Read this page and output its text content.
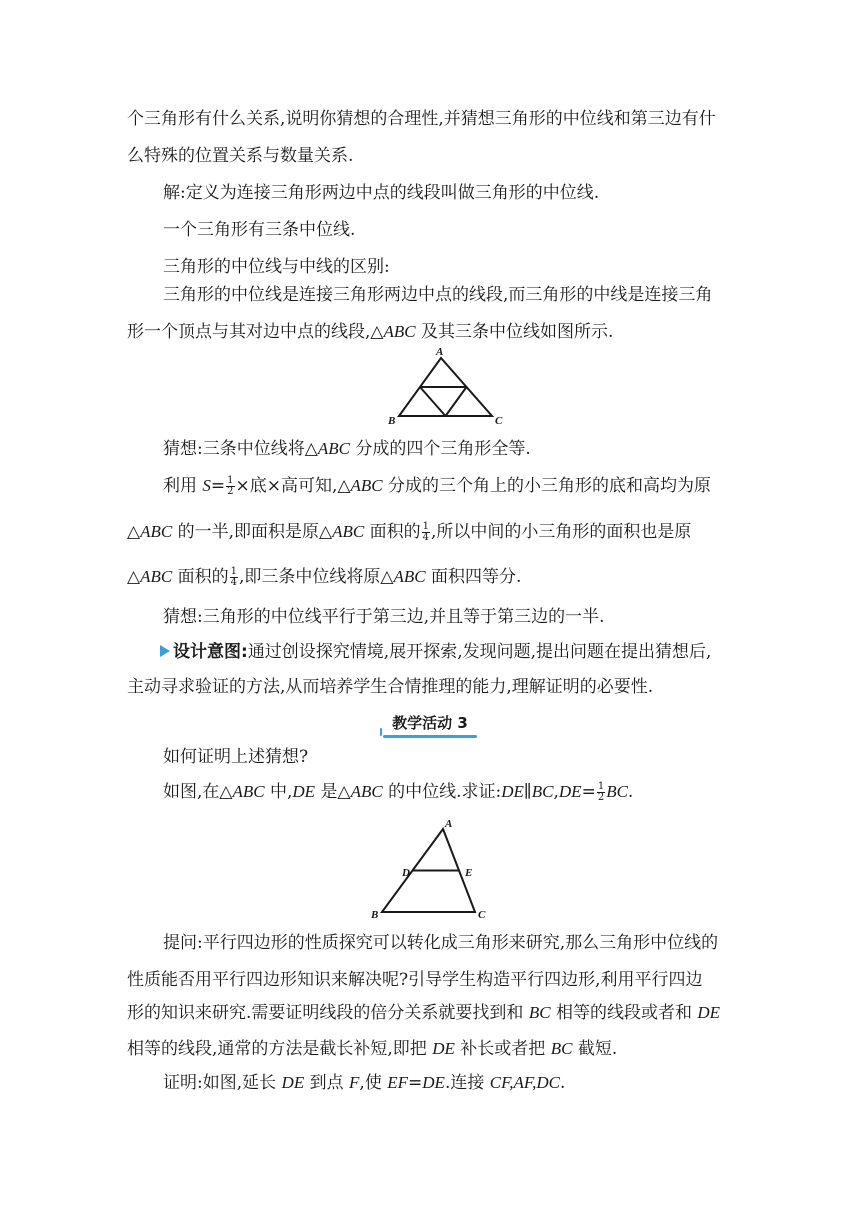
个三角形有什么关系,说明你猜想的合理性,并猜想三角形的中位线和第三边有什
么特殊的位置关系与数量关系.
解:定义为连接三角形两边中点的线段叫做三角形的中位线.
一个三角形有三条中位线.
三角形的中位线与中线的区别:
三角形的中位线是连接三角形两边中点的线段,而三角形的中线是连接三角
形一个顶点与其对边中点的线段,△ABC 及其三条中位线如图所示.
A
B	C
猜想:三条中位线将△ABC 分成的四个三角形全等.
利用 $S= \frac{1}{2}$ ×底×高可知,△ABC 分成的三个角上的小三角形的底和高均为原
△ABC 的一半,即面积是原△ABC 面积的 $\frac{1}{4}$ ,所以中间的小三角形的面积也是原
△ABC 面积的 $\frac{1}{4}$ ,即三条中位线将原△ABC 面积四等分.
猜想:三角形的中位线平行于第三边,并且等于第三边的一半.
设计意图:通过创设探究情境,展开探索,发现问题,提出问题在提出猜想后,
主动寻求验证的方法,从而培养学生合情推理的能力,理解证明的必要性.
教学活动 3
如何证明上述猜想?
如图,在△ABC 中,DE 是△ABC 的中位线.求证:DE∥BC,DE= $\frac{1}{2}$ BC.
A
B	C
D	E
提问:平行四边形的性质探究可以转化成三角形来研究,那么三角形中位线的
性质能否用平行四边形知识来解决呢?引导学生构造平行四边形,利用平行四边
形的知识来研究.需要证明线段的倍分关系就要找到和 BC 相等的线段或者和 DE
相等的线段,通常的方法是截长补短,即把 DE 补长或者把 BC 截短.
证明:如图,延长 DE 到点 F,使 EF=DE.连接 CF,AF,DC.
